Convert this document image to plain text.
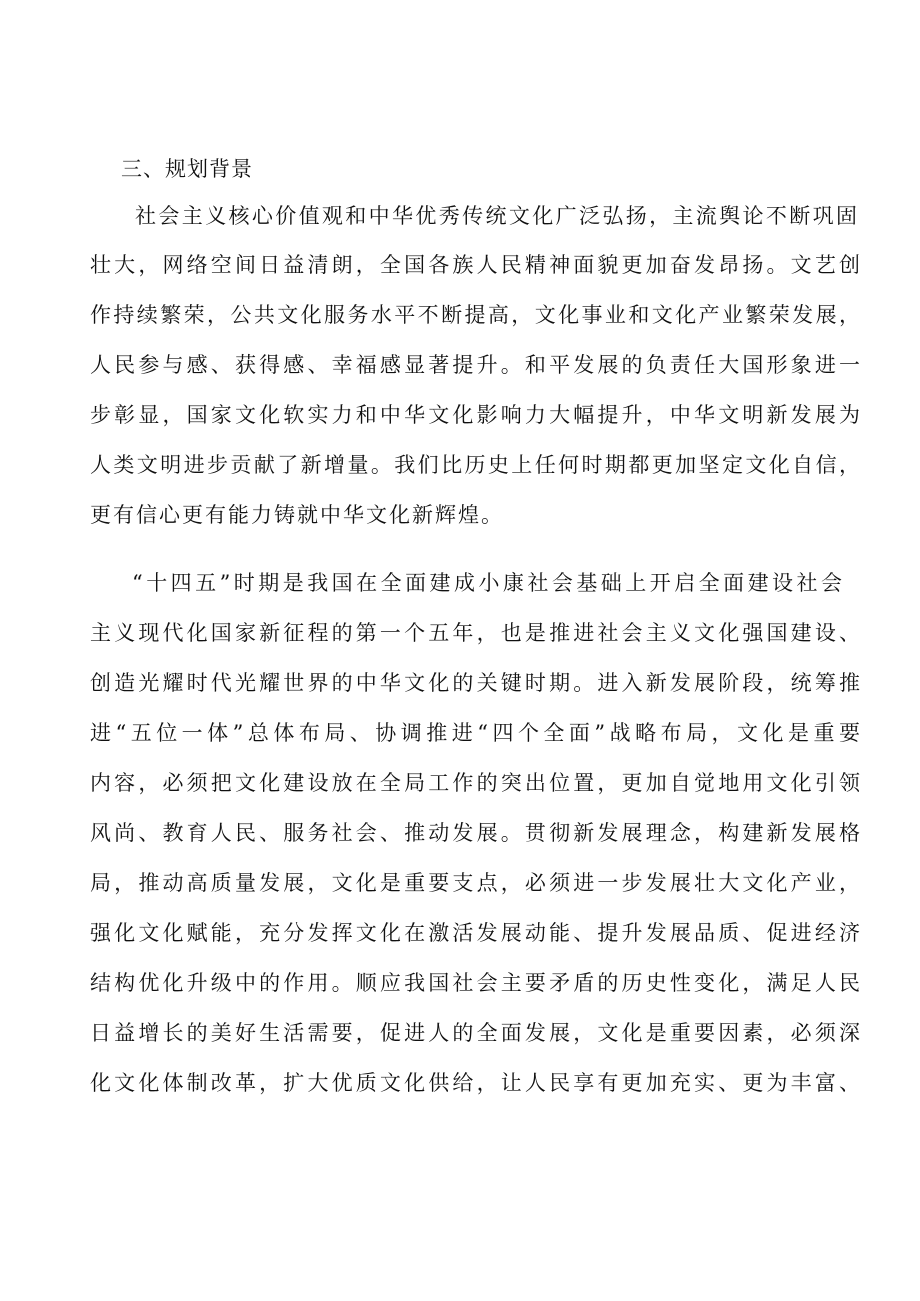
三、规划背景
社会主义核心价值观和中华优秀传统文化广泛弘扬，主流舆论不断巩固
壮大，网络空间日益清朗，全国各族人民精神面貌更加奋发昂扬。文艺创
作持续繁荣，公共文化服务水平不断提高，文化事业和文化产业繁荣发展，
人民参与感、获得感、幸福感显著提升。和平发展的负责任大国形象进一
步彰显，国家文化软实力和中华文化影响力大幅提升，中华文明新发展为
人类文明进步贡献了新增量。我们比历史上任何时期都更加坚定文化自信，
更有信心更有能力铸就中华文化新辉煌。
“十四五”时期是我国在全面建成小康社会基础上开启全面建设社会
主义现代化国家新征程的第一个五年，也是推进社会主义文化强国建设、
创造光耀时代光耀世界的中华文化的关键时期。进入新发展阶段，统筹推
进“五位一体”总体布局、协调推进“四个全面”战略布局，文化是重要
内容，必须把文化建设放在全局工作的突出位置，更加自觉地用文化引领
风尚、教育人民、服务社会、推动发展。贯彻新发展理念，构建新发展格
局，推动高质量发展，文化是重要支点，必须进一步发展壮大文化产业，
强化文化赋能，充分发挥文化在激活发展动能、提升发展品质、促进经济
结构优化升级中的作用。顺应我国社会主要矛盾的历史性变化，满足人民
日益增长的美好生活需要，促进人的全面发展，文化是重要因素，必须深
化文化体制改革，扩大优质文化供给，让人民享有更加充实、更为丰富、
